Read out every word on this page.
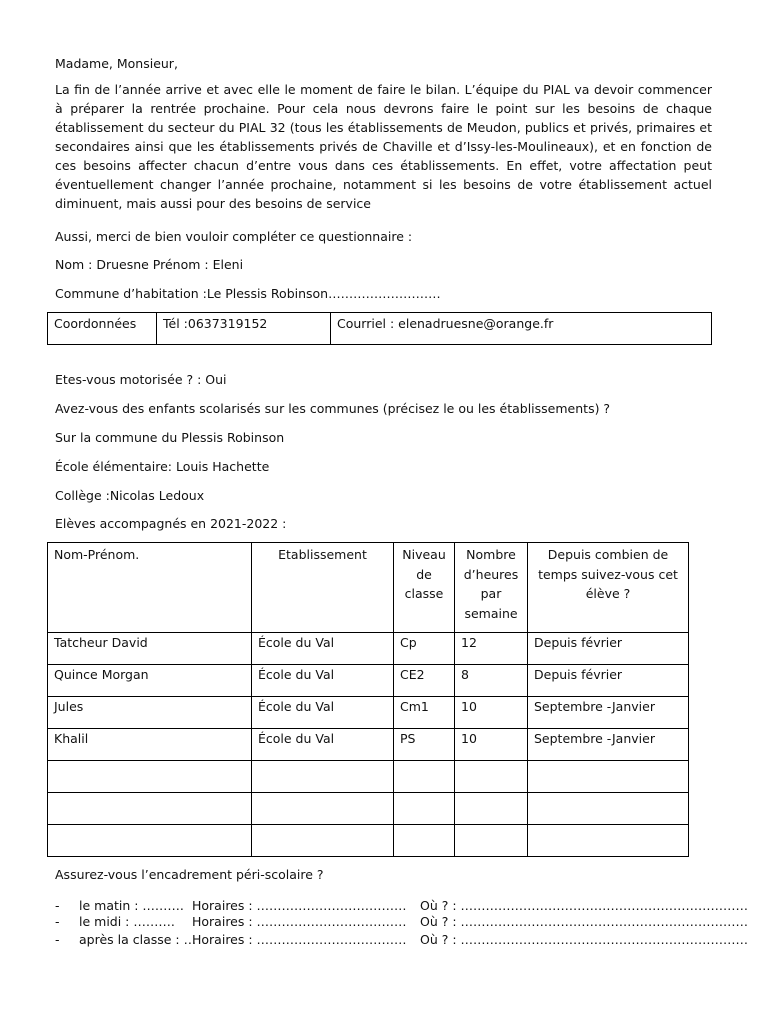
Madame, Monsieur,

La fin de l’année arrive et avec elle le moment de faire le bilan. L’équipe du PIAL va devoir commencer à préparer la rentrée prochaine. Pour cela nous devrons faire le point sur les besoins de chaque établissement du secteur du PIAL 32 (tous les établissements de Meudon, publics et privés, primaires et secondaires ainsi que les établissements privés de Chaville et d’Issy-les-Moulineaux), et en fonction de ces besoins affecter chacun d’entre vous dans ces établissements. En effet, votre affectation peut éventuellement changer l’année prochaine, notamment si les besoins de votre établissement actuel diminuent, mais aussi pour des besoins de service

Aussi, merci de bien vouloir compléter ce questionnaire :
Nom : Druesne Prénom : Eleni
Commune d’habitation :Le Plessis Robinson………………………
Coordonnées	Tél :0637319152	Courriel : elenadruesne@orange.fr
Etes-vous motorisée ? : Oui
Avez-vous des enfants scolarisés sur les communes (précisez le ou les établissements) ?
Sur la commune du Plessis Robinson
École élémentaire: Louis Hachette
Collège :Nicolas Ledoux
Elèves accompagnés en 2021-2022 :
Nom-Prénom.	Etablissement	Niveau de classe	Nombre d’heures par semaine	Depuis combien de temps suivez-vous cet élève ?
Tatcheur David	École du Val	Cp	12	Depuis février
Quince Morgan	École du Val	CE2	8	Depuis février
Jules	École du Val	Cm1	10	Septembre -Janvier
Khalil	École du Val	PS	10	Septembre -Janvier

Assurez-vous l’encadrement péri-scolaire ?
- le matin : ………. Horaires : ……………………………… Où ? : ……………………………………………………………
- le midi : ………. Horaires : ……………………………… Où ? : ……………………………………………………………
- après la classe : …
Horaires : ……………………………… Où ? : ……………………………………………………………
